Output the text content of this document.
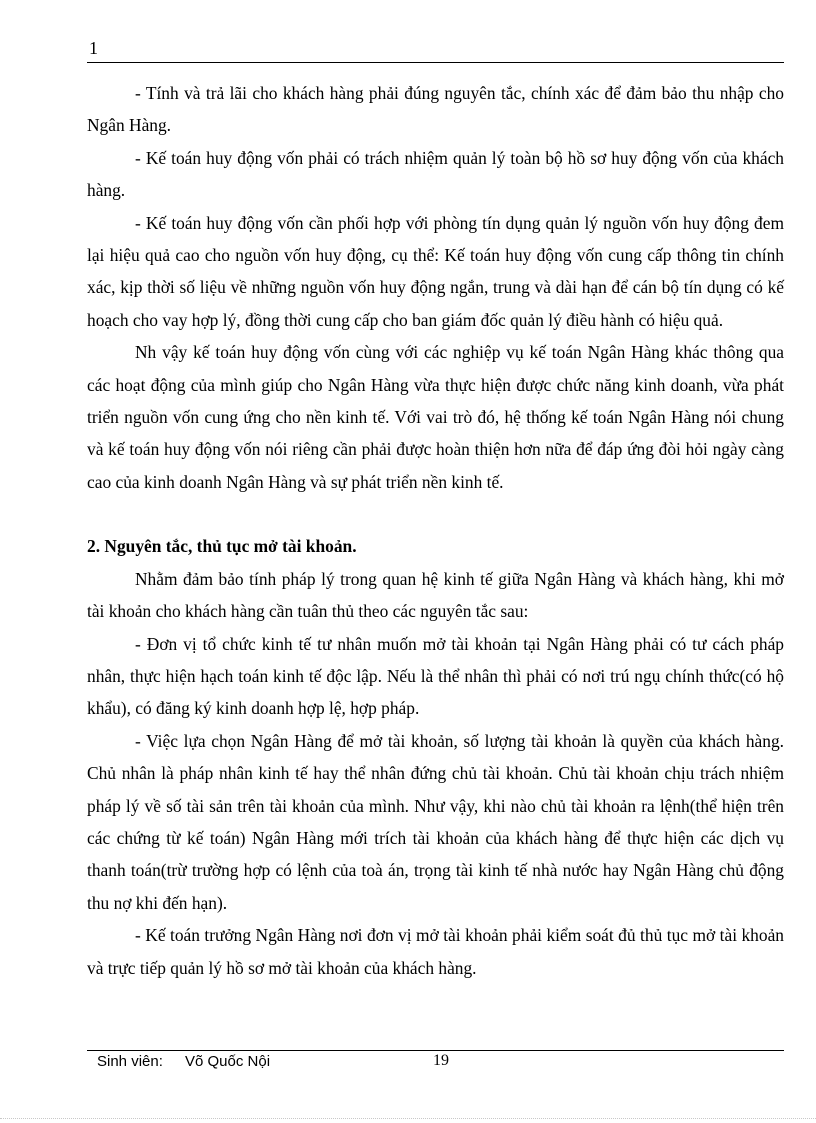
1

- Tính và trả lãi cho khách hàng phải đúng nguyên tắc, chính xác để đảm bảo thu nhập cho Ngân Hàng.

- Kế toán huy động vốn phải có trách nhiệm quản lý toàn bộ hồ sơ huy động vốn của khách hàng.

- Kế toán huy động vốn cần phối hợp với phòng tín dụng quản lý nguồn vốn huy động đem lại hiệu quả cao cho nguồn vốn huy động, cụ thể: Kế toán huy động vốn cung cấp thông tin chính xác, kịp thời số liệu về những nguồn vốn huy động ngắn, trung và dài hạn để cán bộ tín dụng có kế hoạch cho vay hợp lý, đồng thời cung cấp cho ban giám đốc quản lý điều hành có hiệu quả.

Nh vậy kế toán huy động vốn cùng với các nghiệp vụ kế toán Ngân Hàng khác thông qua các hoạt động của mình giúp cho Ngân Hàng vừa thực hiện được chức năng kinh doanh, vừa phát triển nguồn vốn cung ứng cho nền kinh tế. Với vai trò đó, hệ thống kế toán Ngân Hàng nói chung và kế toán huy động vốn nói riêng cần phải được hoàn thiện hơn nữa để đáp ứng đòi hỏi ngày càng cao của kinh doanh Ngân Hàng và sự phát triển nền kinh tế.

2. Nguyên tắc, thủ tục mở tài khoản.

Nhằm đảm bảo tính pháp lý trong quan hệ kinh tế giữa Ngân Hàng và khách hàng, khi mở tài khoản cho khách hàng cần tuân thủ theo các nguyên tắc sau:

- Đơn vị tổ chức kinh tế tư nhân muốn mở tài khoản tại Ngân Hàng phải có tư cách pháp nhân, thực hiện hạch toán kinh tế độc lập. Nếu là thể nhân thì phải có nơi trú ngụ chính thức(có hộ khẩu), có đăng ký kinh doanh hợp lệ, hợp pháp.

- Việc lựa chọn Ngân Hàng để mở tài khoản, số lượng tài khoản là quyền của khách hàng. Chủ nhân là pháp nhân kinh tế hay thể nhân đứng chủ tài khoản. Chủ tài khoản chịu trách nhiệm pháp lý về số tài sản trên tài khoản của mình. Như vậy, khi nào chủ tài khoản ra lệnh(thể hiện trên các chứng từ kế toán) Ngân Hàng mới trích tài khoản của khách hàng để thực hiện các dịch vụ thanh toán(trừ trường hợp có lệnh của toà án, trọng tài kinh tế nhà nước hay Ngân Hàng chủ động thu nợ khi đến hạn).

- Kế toán trưởng Ngân Hàng nơi đơn vị mở tài khoản phải kiểm soát đủ thủ tục mở tài khoản và trực tiếp quản lý hồ sơ mở tài khoản của khách hàng.

Sinh viên: Võ Quốc Nội	19
